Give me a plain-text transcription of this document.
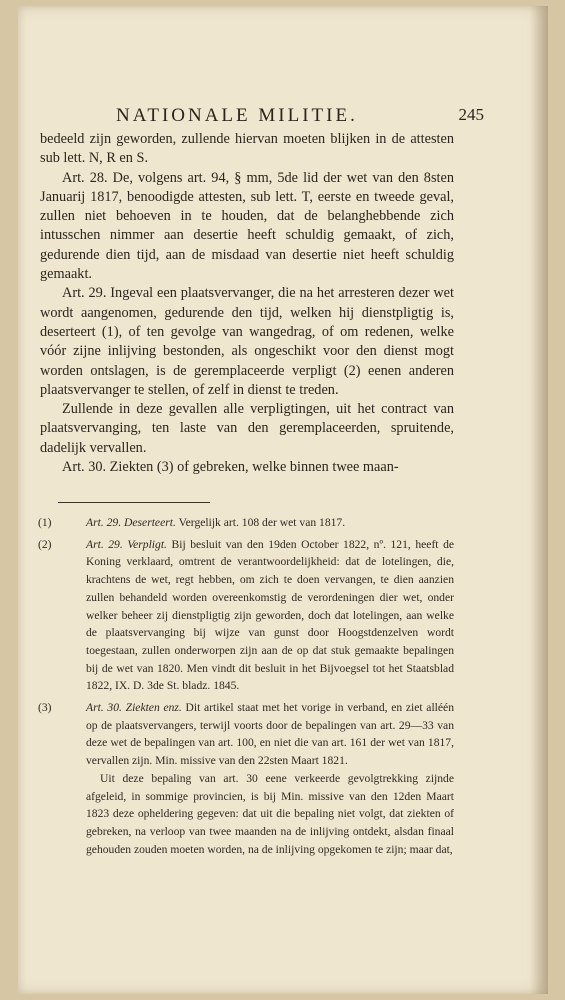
NATIONALE MILITIE.	245

bedeeld zijn geworden, zullende hiervan moeten blijken in de attesten sub lett. N, R en S.

Art. 28. De, volgens art. 94, § mm, 5de lid der wet van den 8sten Januarij 1817, benoodigde attesten, sub lett. T, eerste en tweede geval, zullen niet behoeven in te houden, dat de belanghebbende zich intusschen nimmer aan desertie heeft schuldig gemaakt, of zich, gedurende dien tijd, aan de misdaad van desertie niet heeft schuldig gemaakt.

Art. 29. Ingeval een plaatsvervanger, die na het arresteren dezer wet wordt aangenomen, gedurende den tijd, welken hij dienstpligtig is, deserteert (1), of ten gevolge van wangedrag, of om redenen, welke vóór zijne inlijving bestonden, als ongeschikt voor den dienst mogt worden ontslagen, is de geremplaceerde verpligt (2) eenen anderen plaatsvervanger te stellen, of zelf in dienst te treden.

Zullende in deze gevallen alle verpligtingen, uit het contract van plaatsvervanging, ten laste van den geremplaceerden, spruitende, dadelijk vervallen.

Art. 30. Ziekten (3) of gebreken, welke binnen twee maan-

(1)	Art. 29. Deserteert. Vergelijk art. 108 der wet van 1817.

(2)	Art. 29. Verpligt. Bij besluit van den 19den October 1822, nº. 121, heeft de Koning verklaard, omtrent de verantwoordelijkheid: dat de lotelingen, die, krachtens de wet, regt hebben, om zich te doen vervangen, te dien aanzien zullen behandeld worden overeenkomstig de verordeningen dier wet, onder welker beheer zij dienstpligtig zijn geworden, doch dat lotelingen, aan welke de plaatsvervanging bij wijze van gunst door Hoogstdenzelven wordt toegestaan, zullen onderworpen zijn aan de op dat stuk gemaakte bepalingen bij de wet van 1820. Men vindt dit besluit in het Bijvoegsel tot het Staatsblad 1822, IX. D. 3de St. bladz. 1845.

(3)	Art. 30. Ziekten enz. Dit artikel staat met het vorige in verband, en ziet alléén op de plaatsvervangers, terwijl voorts door de bepalingen van art. 29—33 van deze wet de bepalingen van art. 100, en niet die van art. 161 der wet van 1817, vervallen zijn. Min. missive van den 22sten Maart 1821.

Uit deze bepaling van art. 30 eene verkeerde gevolgtrekking zijnde afgeleid, in sommige provincien, is bij Min. missive van den 12den Maart 1823 deze opheldering gegeven: dat uit die bepaling niet volgt, dat ziekten of gebreken, na verloop van twee maanden na de inlijving ontdekt, alsdan finaal gehouden zouden moeten worden, na de inlijving opgekomen te zijn; maar dat,
